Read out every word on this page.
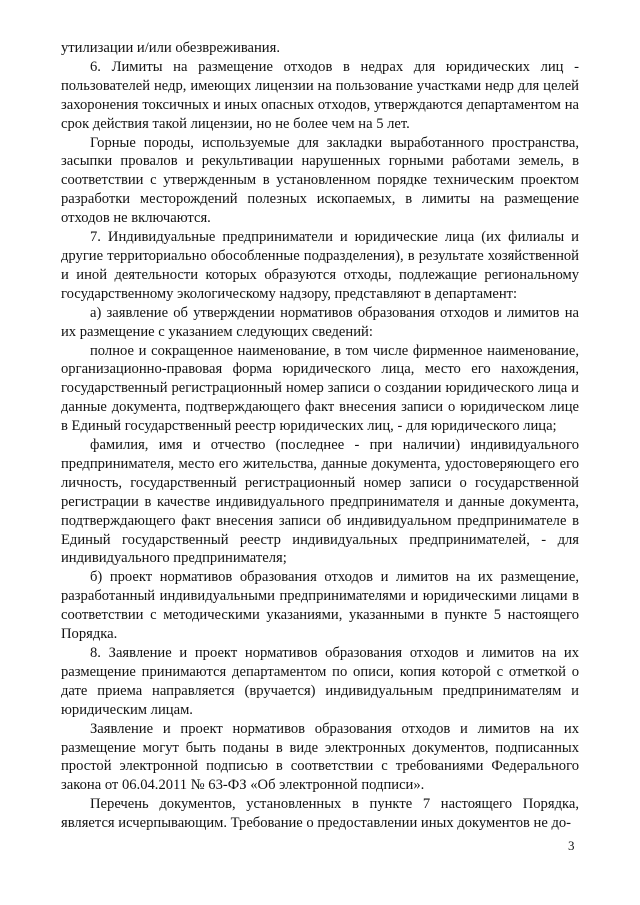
утилизации и/или обезвреживания.

6. Лимиты на размещение отходов в недрах для юридических лиц - пользователей недр, имеющих лицензии на пользование участками недр для целей захоронения токсичных и иных опасных отходов, утверждаются департаментом на срок действия такой лицензии, но не более чем на 5 лет.

Горные породы, используемые для закладки выработанного пространства, засыпки провалов и рекультивации нарушенных горными работами земель, в соответствии с утвержденным в установленном порядке техническим проектом разработки месторождений полезных ископаемых, в лимиты на размещение отходов не включаются.

7. Индивидуальные предприниматели и юридические лица (их филиалы и другие территориально обособленные подразделения), в результате хозяйственной и иной деятельности которых образуются отходы, подлежащие региональному государственному экологическому надзору, представляют в департамент:

а) заявление об утверждении нормативов образования отходов и лимитов на их размещение с указанием следующих сведений:

полное и сокращенное наименование, в том числе фирменное наименование, организационно-правовая форма юридического лица, место его нахождения, государственный регистрационный номер записи о создании юридического лица и данные документа, подтверждающего факт внесения записи о юридическом лице в Единый государственный реестр юридических лиц, - для юридического лица;

фамилия, имя и отчество (последнее - при наличии) индивидуального предпринимателя, место его жительства, данные документа, удостоверяющего его личность, государственный регистрационный номер записи о государственной регистрации в качестве индивидуального предпринимателя и данные документа, подтверждающего факт внесения записи об индивидуальном предпринимателе в Единый государственный реестр индивидуальных предпринимателей, - для индивидуального предпринимателя;

б) проект нормативов образования отходов и лимитов на их размещение, разработанный индивидуальными предпринимателями и юридическими лицами в соответствии с методическими указаниями, указанными в пункте 5 настоящего Порядка.

8. Заявление и проект нормативов образования отходов и лимитов на их размещение принимаются департаментом по описи, копия которой с отметкой о дате приема направляется (вручается) индивидуальным предпринимателям и юридическим лицам.

Заявление и проект нормативов образования отходов и лимитов на их размещение могут быть поданы в виде электронных документов, подписанных простой электронной подписью в соответствии с требованиями Федерального закона от 06.04.2011 № 63-ФЗ «Об электронной подписи».

Перечень документов, установленных в пункте 7 настоящего Порядка, является исчерпывающим. Требование о предоставлении иных документов не до-

3
